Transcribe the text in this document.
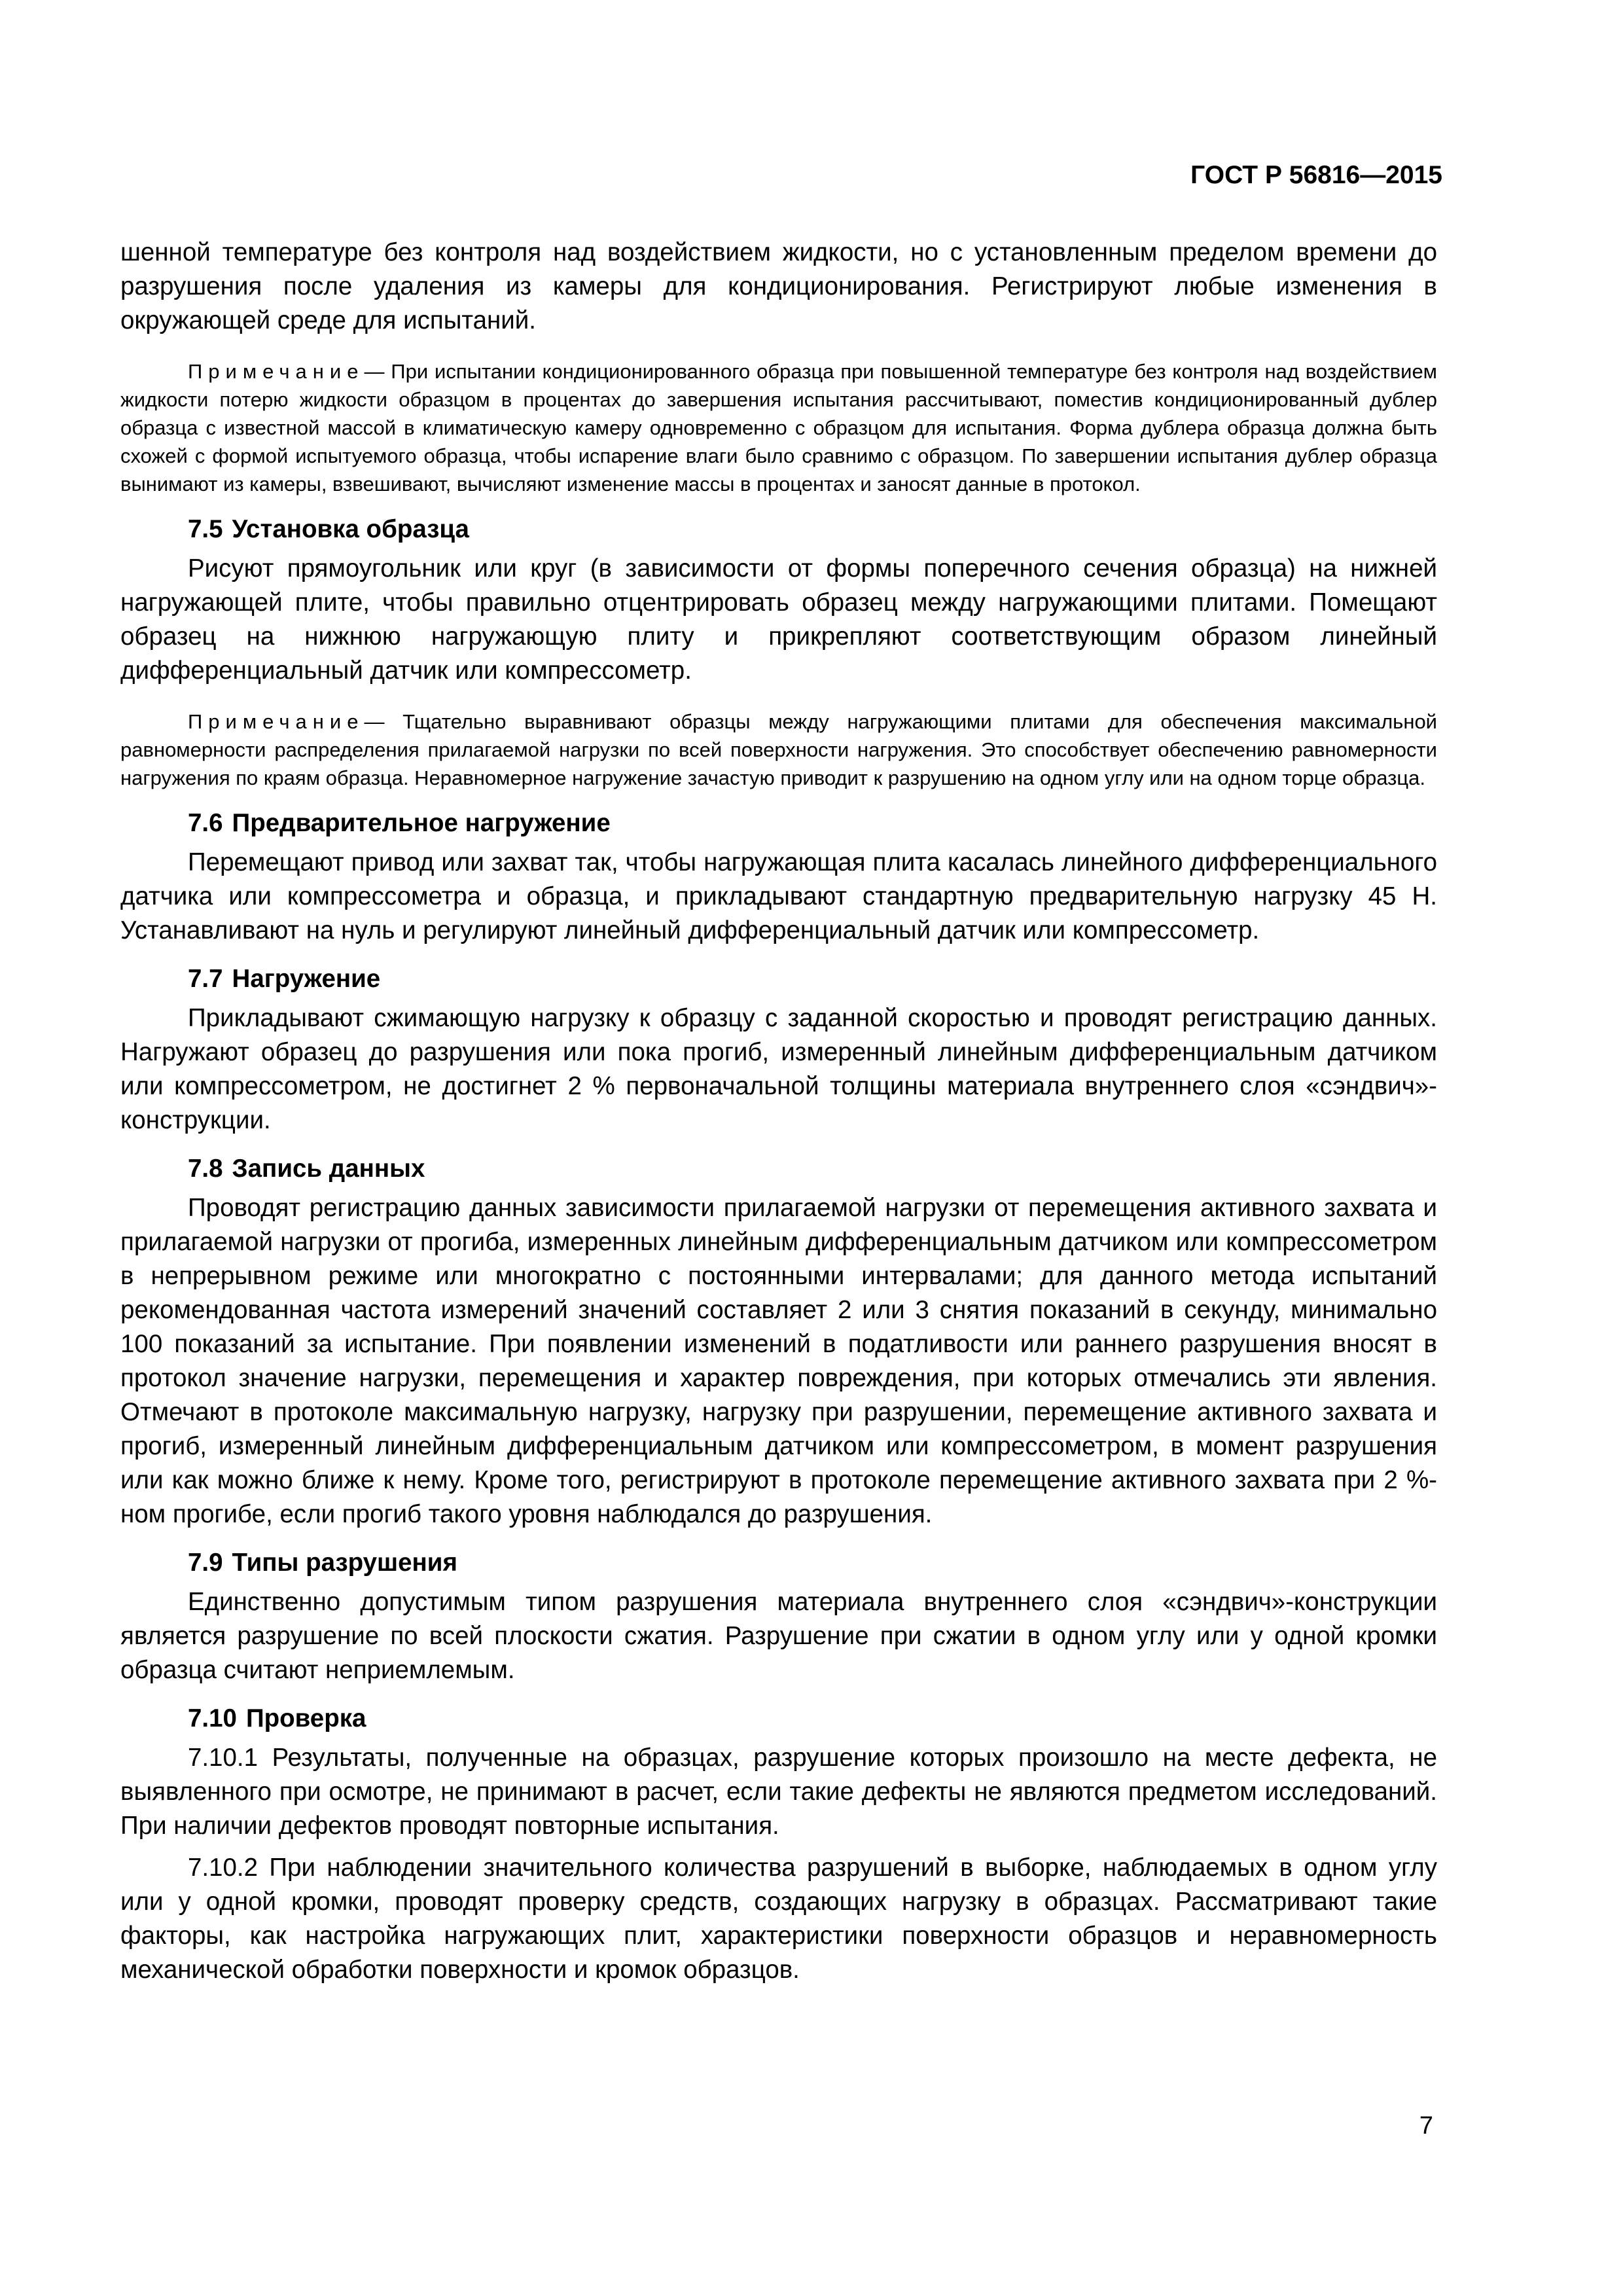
ГОСТ Р 56816—2015

шенной температуре без контроля над воздействием жидкости, но с установленным пределом времени до разрушения после удаления из камеры для кондиционирования. Регистрируют любые изменения в окружающей среде для испытаний.

Примечание— При испытании кондиционированного образца при повышенной температуре без контроля над воздействием жидкости потерю жидкости образцом в процентах до завершения испытания рассчитывают, поместив кондиционированный дублер образца с известной массой в климатическую камеру одновременно с образцом для испытания. Форма дублера образца должна быть схожей с формой испытуемого образца, чтобы испарение влаги было сравнимо с образцом. По завершении испытания дублер образца вынимают из камеры, взвешивают, вычисляют изменение массы в процентах и заносят данные в протокол.

7.5 Установка образца

Рисуют прямоугольник или круг (в зависимости от формы поперечного сечения образца) на нижней нагружающей плите, чтобы правильно отцентрировать образец между нагружающими плитами. Помещают образец на нижнюю нагружающую плиту и прикрепляют соответствующим образом линейный дифференциальный датчик или компрессометр.

Примечание— Тщательно выравнивают образцы между нагружающими плитами для обеспечения максимальной равномерности распределения прилагаемой нагрузки по всей поверхности нагружения. Это способствует обеспечению равномерности нагружения по краям образца. Неравномерное нагружение зачастую приводит к разрушению на одном углу или на одном торце образца.

7.6 Предварительное нагружение

Перемещают привод или захват так, чтобы нагружающая плита касалась линейного дифференциального датчика или компрессометра и образца, и прикладывают стандартную предварительную нагрузку 45 Н. Устанавливают на нуль и регулируют линейный дифференциальный датчик или компрессометр.

7.7 Нагружение

Прикладывают сжимающую нагрузку к образцу с заданной скоростью и проводят регистрацию данных. Нагружают образец до разрушения или пока прогиб, измеренный линейным дифференциальным датчиком или компрессометром, не достигнет 2 % первоначальной толщины материала внутреннего слоя «сэндвич»-конструкции.

7.8 Запись данных

Проводят регистрацию данных зависимости прилагаемой нагрузки от перемещения активного захвата и прилагаемой нагрузки от прогиба, измеренных линейным дифференциальным датчиком или компрессометром в непрерывном режиме или многократно с постоянными интервалами; для данного метода испытаний рекомендованная частота измерений значений составляет 2 или 3 снятия показаний в секунду, минимально 100 показаний за испытание. При появлении изменений в податливости или раннего разрушения вносят в протокол значение нагрузки, перемещения и характер повреждения, при которых отмечались эти явления. Отмечают в протоколе максимальную нагрузку, нагрузку при разрушении, перемещение активного захвата и прогиб, измеренный линейным дифференциальным датчиком или компрессометром, в момент разрушения или как можно ближе к нему. Кроме того, регистрируют в протоколе перемещение активного захвата при 2 %-ном прогибе, если прогиб такого уровня наблюдался до разрушения.

7.9 Типы разрушения

Единственно допустимым типом разрушения материала внутреннего слоя «сэндвич»-конструкции является разрушение по всей плоскости сжатия. Разрушение при сжатии в одном углу или у одной кромки образца считают неприемлемым.

7.10 Проверка

7.10.1 Результаты, полученные на образцах, разрушение которых произошло на месте дефекта, не выявленного при осмотре, не принимают в расчет, если такие дефекты не являются предметом исследований. При наличии дефектов проводят повторные испытания.

7.10.2 При наблюдении значительного количества разрушений в выборке, наблюдаемых в одном углу или у одной кромки, проводят проверку средств, создающих нагрузку в образцах. Рассматривают такие факторы, как настройка нагружающих плит, характеристики поверхности образцов и неравномерность механической обработки поверхности и кромок образцов.

7
